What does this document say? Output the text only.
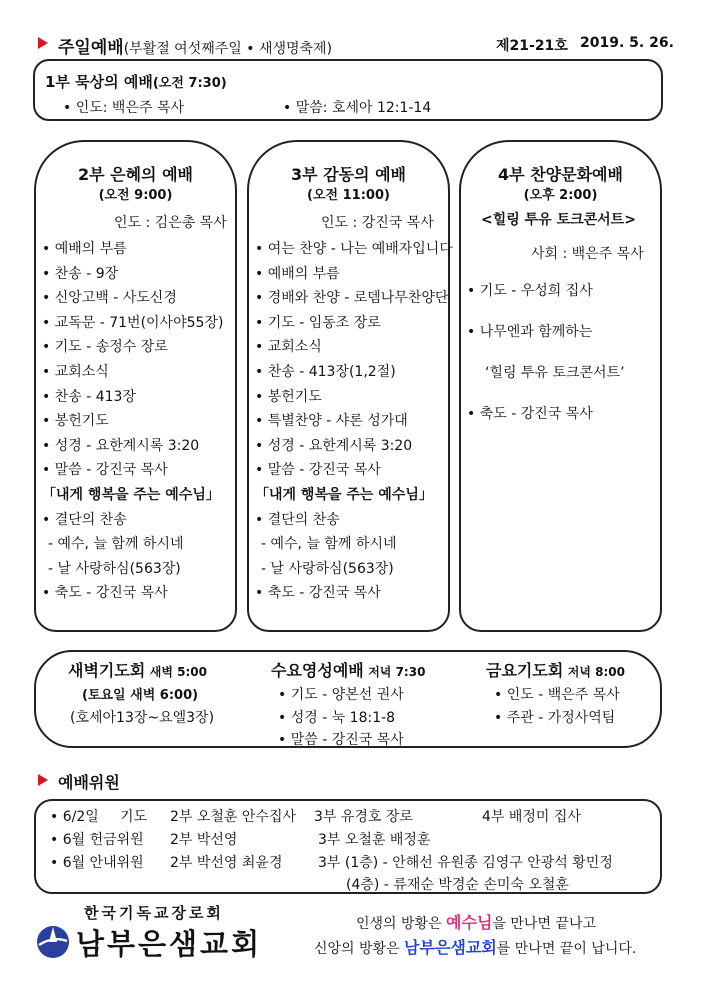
주일예배(부활절 여섯째주일 • 새생명축제)	제21-21호 2019. 5. 26.
1부 묵상의 예배(오전 7:30)
• 인도: 백은주 목사	• 말씀: 호세아 12:1-14
2부 은혜의 예배
(오전 9:00)
인도 : 김은총 목사
• 예배의 부름
• 찬송 - 9장
• 신앙고백 - 사도신경
• 교독문 - 71번(이사야55장)
• 기도 - 송정수 장로
• 교회소식
• 찬송 - 413장
• 봉헌기도
• 성경 - 요한계시록 3:20
• 말씀 - 강진국 목사
「내게 행복을 주는 예수님」
• 결단의 찬송
- 예수, 늘 함께 하시네
- 날 사랑하심(563장)
• 축도 - 강진국 목사
3부 감동의 예배
(오전 11:00)
인도 : 강진국 목사
• 여는 찬양 - 나는 예배자입니다
• 예배의 부름
• 경배와 찬양 - 로뎀나무찬양단
• 기도 - 임동조 장로
• 교회소식
• 찬송 - 413장(1,2절)
• 봉헌기도
• 특별찬양 - 샤론 성가대
• 성경 - 요한계시록 3:20
• 말씀 - 강진국 목사
「내게 행복을 주는 예수님」
• 결단의 찬송
- 예수, 늘 함께 하시네
- 날 사랑하심(563장)
• 축도 - 강진국 목사
4부 찬양문화예배
(오후 2:00)
<힐링 투유 토크콘서트>
사회 : 백은주 목사
• 기도 - 우성희 집사
• 나무엔과 함께하는
‘힐링 투유 토크콘서트’
• 축도 - 강진국 목사
새벽기도회 새벽 5:00
(토요일 새벽 6:00)
(호세아13장~요엘3장)
수요영성예배 저녁 7:30
• 기도 - 양본선 권사
• 성경 - 눅 18:1-8
• 말씀 - 강진국 목사
금요기도회 저녁 8:00
• 인도 - 백은주 목사
• 주관 - 가정사역팀
예배위원
• 6/2일 기도 2부 오철훈 안수집사 3부 유경호 장로	4부 배정미 집사
• 6월 헌금위원 2부 박선영	3부 오철훈 배정훈
• 6월 안내위원 2부 박선영 최윤경	3부 (1층) - 안해선 유원종 김영구 안광석 황민정
(4층) - 류재순 박경순 손미숙 오철훈
한국기독교장로회
남부은샘교회
인생의 방황은 예수님을 만나면 끝나고
신앙의 방황은 남부은샘교회를 만나면 끝이 납니다.
